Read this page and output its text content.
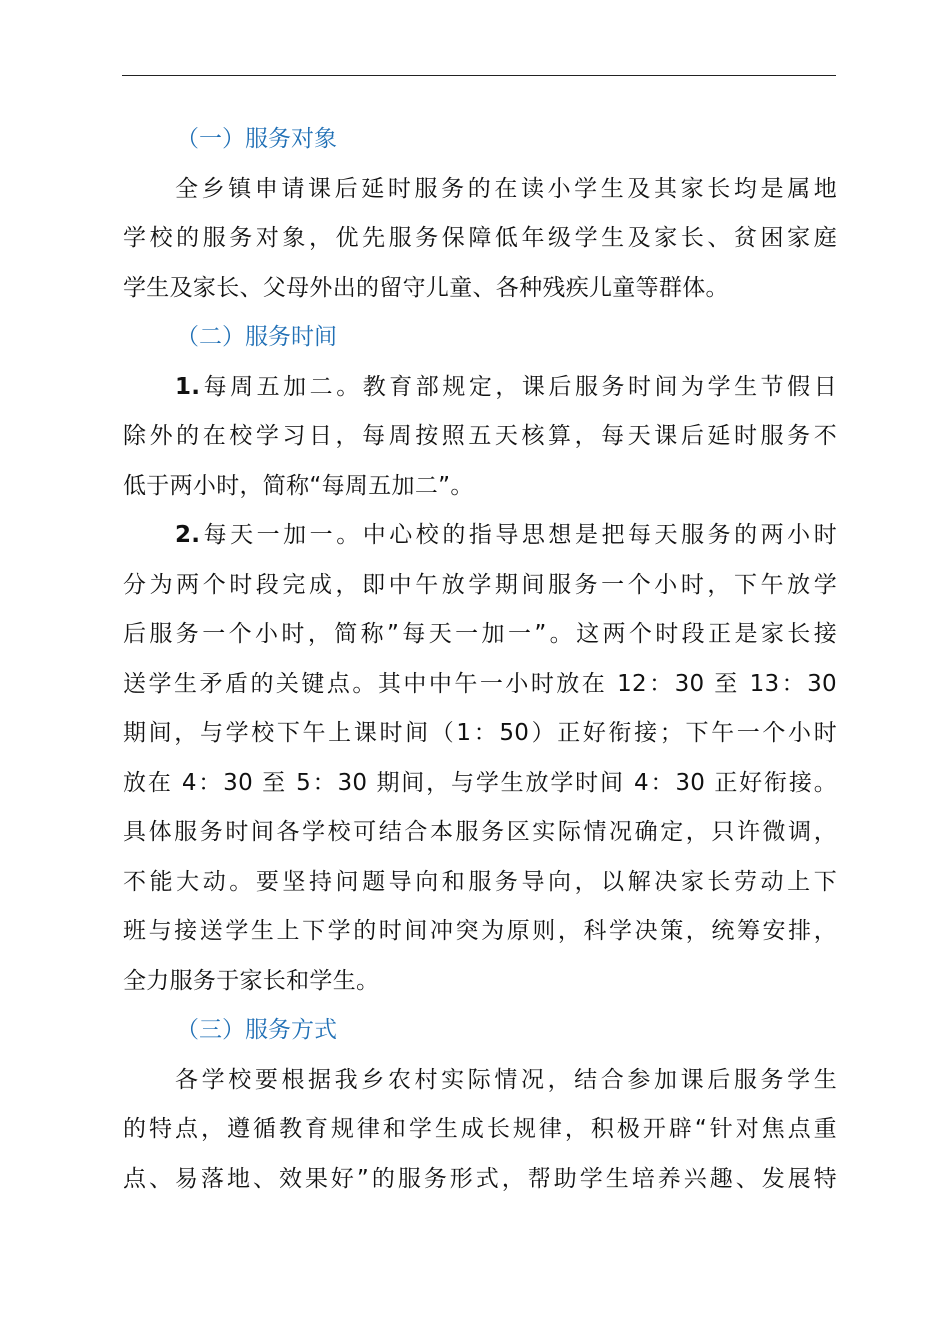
（一）服务对象
全乡镇申请课后延时服务的在读小学生及其家长均是属地
学校的服务对象，优先服务保障低年级学生及家长、贫困家庭
学生及家长、父母外出的留守儿童、各种残疾儿童等群体。
（二）服务时间
1.每周五加二。教育部规定，课后服务时间为学生节假日
除外的在校学习日，每周按照五天核算，每天课后延时服务不
低于两小时，简称“每周五加二”。
2.每天一加一。中心校的指导思想是把每天服务的两小时
分为两个时段完成，即中午放学期间服务一个小时，下午放学
后服务一个小时，简称”每天一加一”。这两个时段正是家长接
送学生矛盾的关键点。其中中午一小时放在 12：30 至 13：30
期间，与学校下午上课时间（1：50）正好衔接；下午一个小时
放在 4：30 至 5：30 期间，与学生放学时间 4：30 正好衔接。
具体服务时间各学校可结合本服务区实际情况确定，只许微调，
不能大动。要坚持问题导向和服务导向，以解决家长劳动上下
班与接送学生上下学的时间冲突为原则，科学决策，统筹安排，
全力服务于家长和学生。
（三）服务方式
各学校要根据我乡农村实际情况，结合参加课后服务学生
的特点，遵循教育规律和学生成长规律，积极开辟“针对焦点重
点、易落地、效果好”的服务形式，帮助学生培养兴趣、发展特
